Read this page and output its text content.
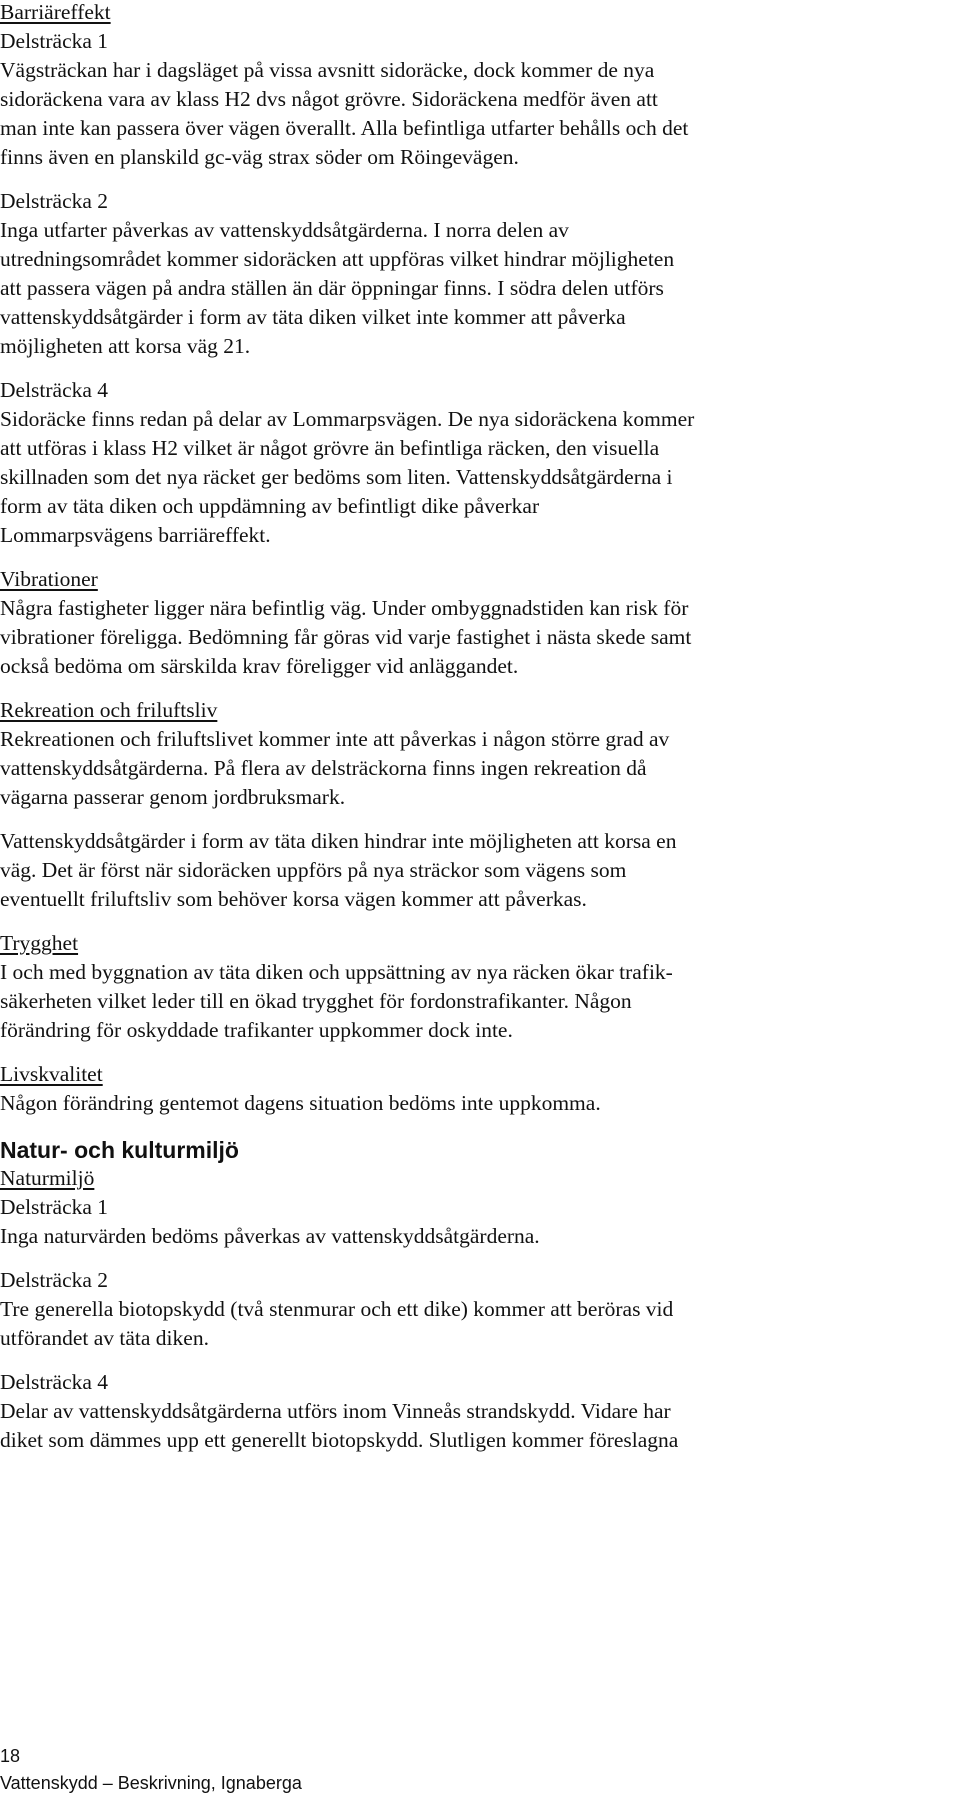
Barriäreffekt

Delsträcka 1

Vägsträckan har i dagsläget på vissa avsnitt sidoräcke, dock kommer de nya

sidoräckena vara av klass H2 dvs något grövre. Sidoräckena medför även att

man inte kan passera över vägen överallt. Alla befintliga utfarter behålls och det

finns även en planskild gc-väg strax söder om Röingevägen.

Delsträcka 2

Inga utfarter påverkas av vattenskyddsåtgärderna. I norra delen av

utredningsområdet kommer sidoräcken att uppföras vilket hindrar möjligheten

att passera vägen på andra ställen än där öppningar finns. I södra delen utförs

vattenskyddsåtgärder i form av täta diken vilket inte kommer att påverka

möjligheten att korsa väg 21.

Delsträcka 4

Sidoräcke finns redan på delar av Lommarpsvägen. De nya sidoräckena kommer

att utföras i klass H2 vilket är något grövre än befintliga räcken, den visuella

skillnaden som det nya räcket ger bedöms som liten. Vattenskyddsåtgärderna i

form av täta diken och uppdämning av befintligt dike påverkar

Lommarpsvägens barriäreffekt.

Vibrationer

Några fastigheter ligger nära befintlig väg. Under ombyggnadstiden kan risk för

vibrationer föreligga. Bedömning får göras vid varje fastighet i nästa skede samt

också bedöma om särskilda krav föreligger vid anläggandet.

Rekreation och friluftsliv

Rekreationen och friluftslivet kommer inte att påverkas i någon större grad av

vattenskyddsåtgärderna. På flera av delsträckorna finns ingen rekreation då

vägarna passerar genom jordbruksmark.

Vattenskyddsåtgärder i form av täta diken hindrar inte möjligheten att korsa en

väg. Det är först när sidoräcken uppförs på nya sträckor som vägens som

eventuellt friluftsliv som behöver korsa vägen kommer att påverkas.

Trygghet

I och med byggnation av täta diken och uppsättning av nya räcken ökar trafik-

säkerheten vilket leder till en ökad trygghet för fordonstrafikanter. Någon

förändring för oskyddade trafikanter uppkommer dock inte.

Livskvalitet

Någon förändring gentemot dagens situation bedöms inte uppkomma.

Natur- och kulturmiljö

Naturmiljö

Delsträcka 1

Inga naturvärden bedöms påverkas av vattenskyddsåtgärderna.

Delsträcka 2

Tre generella biotopskydd (två stenmurar och ett dike) kommer att beröras vid

utförandet av täta diken.

Delsträcka 4

Delar av vattenskyddsåtgärderna utförs inom Vinneås strandskydd. Vidare har

diket som dämmes upp ett generellt biotopskydd. Slutligen kommer föreslagna

18

Vattenskydd – Beskrivning, Ignaberga
